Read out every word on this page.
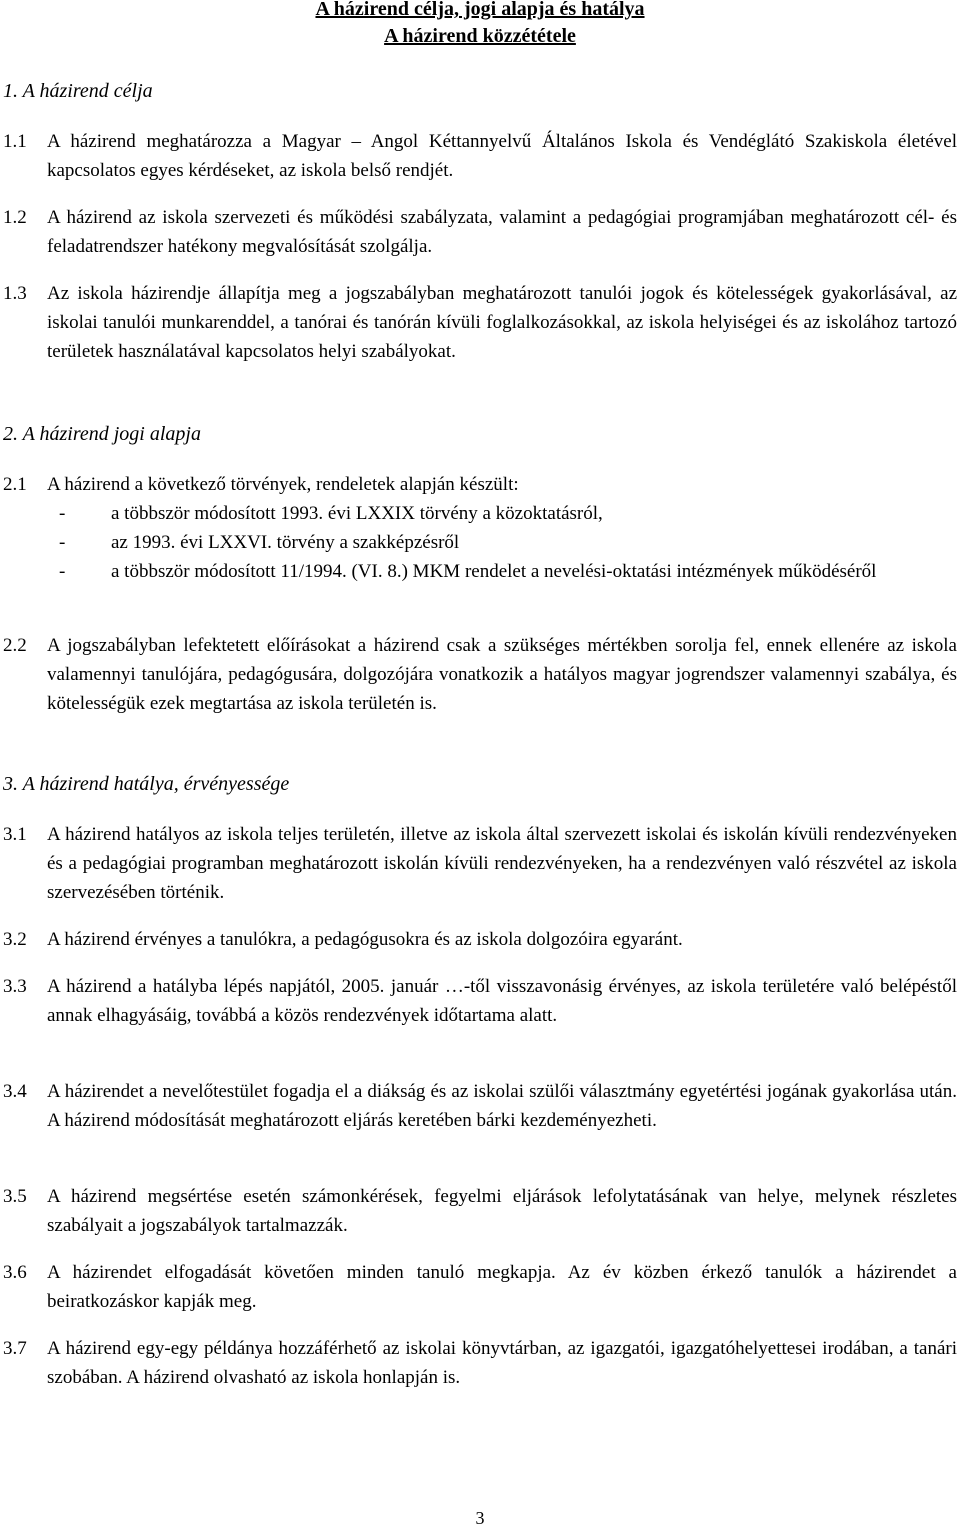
A házirend célja, jogi alapja és hatálya
A házirend közzététele
1. A házirend célja
1.1	A házirend meghatározza a Magyar – Angol Kéttannyelvű Általános Iskola és Vendéglátó Szakiskola életével kapcsolatos egyes kérdéseket, az iskola belső rendjét.
1.2	A házirend az iskola szervezeti és működési szabályzata, valamint a pedagógiai programjában meghatározott cél- és feladatrendszer hatékony megvalósítását szolgálja.
1.3	Az iskola házirendje állapítja meg a jogszabályban meghatározott tanulói jogok és kötelességek gyakorlásával, az iskolai tanulói munkarenddel, a tanórai és tanórán kívüli foglalkozásokkal, az iskola helyiségei és az iskolához tartozó területek használatával kapcsolatos helyi szabályokat.
2. A házirend jogi alapja
2.1	A házirend a következő törvények, rendeletek alapján készült:
- a többször módosított 1993. évi LXXIX törvény a közoktatásról,
- az 1993. évi LXXVI. törvény a szakképzésről
- a többször módosított 11/1994. (VI. 8.) MKM rendelet a nevelési-oktatási intézmények működéséről
2.2	A jogszabályban lefektetett előírásokat a házirend csak a szükséges mértékben sorolja fel, ennek ellenére az iskola valamennyi tanulójára, pedagógusára, dolgozójára vonatkozik a hatályos magyar jogrendszer valamennyi szabálya, és kötelességük ezek megtartása az iskola területén is.
3. A házirend hatálya, érvényessége
3.1	A házirend hatályos az iskola teljes területén, illetve az iskola által szervezett iskolai és iskolán kívüli rendezvényeken és a pedagógiai programban meghatározott iskolán kívüli rendezvényeken, ha a rendezvényen való részvétel az iskola szervezésében történik.
3.2	A házirend érvényes a tanulókra, a pedagógusokra és az iskola dolgozóira egyaránt.
3.3	A házirend a hatályba lépés napjától, 2005. január …-től visszavonásig érvényes, az iskola területére való belépéstől annak elhagyásáig, továbbá a közös rendezvények időtartama alatt.
3.4	A házirendet a nevelőtestület fogadja el a diákság és az iskolai szülői választmány egyetértési jogának gyakorlása után. A házirend módosítását meghatározott eljárás keretében bárki kezdeményezheti.
3.5	A házirend megsértése esetén számonkérések, fegyelmi eljárások lefolytatásának van helye, melynek részletes szabályait a jogszabályok tartalmazzák.
3.6	A házirendet elfogadását követően minden tanuló megkapja. Az év közben érkező tanulók a házirendet a beiratkozáskor kapják meg.
3.7	A házirend egy-egy példánya hozzáférhető az iskolai könyvtárban, az igazgatói, igazgatóhelyettesei irodában, a tanári szobában. A házirend olvasható az iskola honlapján is.
3
